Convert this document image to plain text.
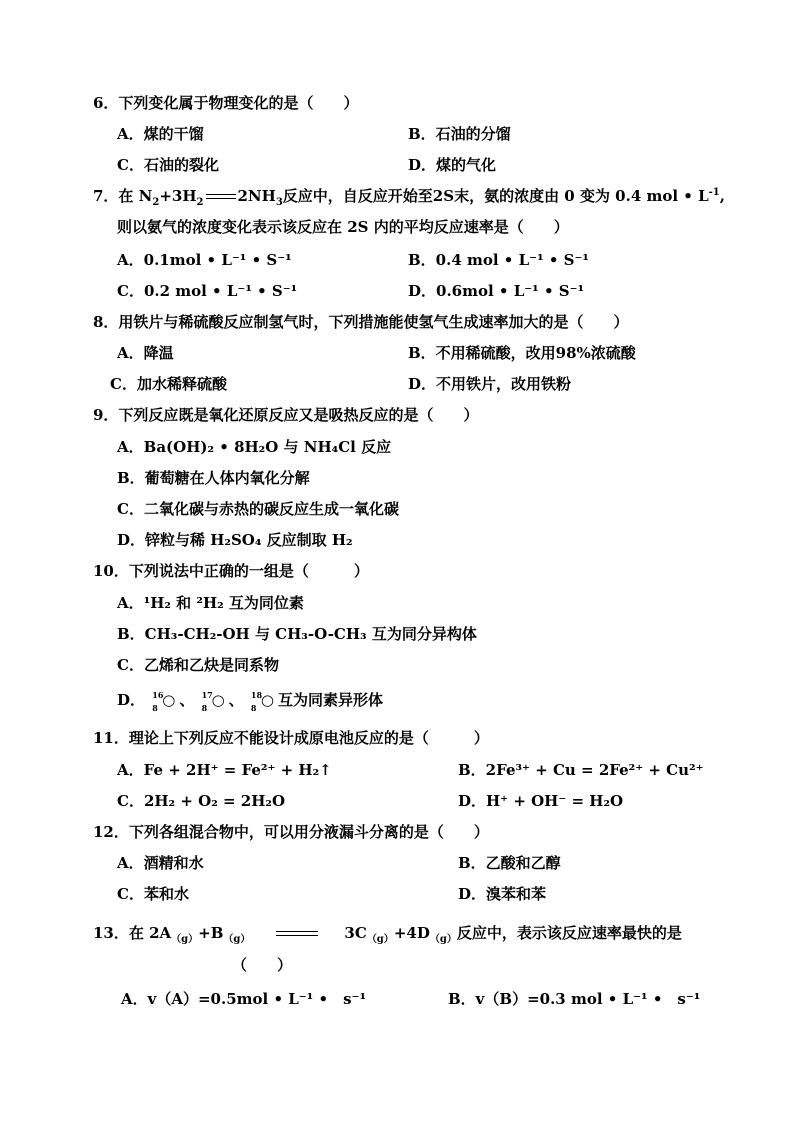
6．下列变化属于物理变化的是（　　）
A．煤的干馏	B．石油的分馏
C．石油的裂化	D．煤的气化
7．在 $N_2+3H_2$ $2NH_3$反应中，自反应开始至2S末，氨的浓度由 0 变为 0.4 mol • $L^{-1}$,
则以氨气的浓度变化表示该反应在 2S 内的平均反应速率是（　　）
A．0.1mol • L⁻¹ • S⁻¹	B．0.4 mol • L⁻¹ • S⁻¹
C．0.2 mol • L⁻¹ • S⁻¹	D．0.6mol • L⁻¹ • S⁻¹
8．用铁片与稀硫酸反应制氢气时，下列措施能使氢气生成速率加大的是（　　）
A．降温	B．不用稀硫酸，改用98%浓硫酸
C．加水稀释硫酸	D．不用铁片，改用铁粉
9．下列反应既是氧化还原反应又是吸热反应的是（　　）
A．Ba(OH)₂ • 8H₂O 与 NH₄Cl 反应
B．葡萄糖在人体内氧化分解
C．二氧化碳与赤热的碳反应生成一氧化碳
D．锌粒与稀 H₂SO₄ 反应制取 H₂
10．下列说法中正确的一组是（　　　）
A．¹H₂ 和 ²H₂ 互为同位素
B．CH₃-CH₂-OH 与 CH₃-O-CH₃ 互为同分异构体
C．乙烯和乙炔是同系物
D． 16
8 ○ 、 17
8 ○ 、 18
8 ○ 互为同素异形体
11．理论上下列反应不能设计成原电池反应的是（　　　）
A．Fe + 2H⁺ = Fe²⁺ + H₂↑	B．2Fe³⁺ + Cu = 2Fe²⁺ + Cu²⁺
C．2H₂ + O₂ = 2H₂O	D．H⁺ + OH⁻ = H₂O
12．下列各组混合物中，可以用分液漏斗分离的是（　　）
A．酒精和水	B．乙酸和乙醇
C．苯和水	D．溴苯和苯
13．在 $2A_{(g)}+B_{(g)}$	$3C_{(g)}+4D_{(g)}$反应中，表示该反应速率最快的是
（　　）
A．v（A）=0.5mol • L⁻¹ •　s⁻¹	B．v（B）=0.3 mol • L⁻¹ •　s⁻¹
